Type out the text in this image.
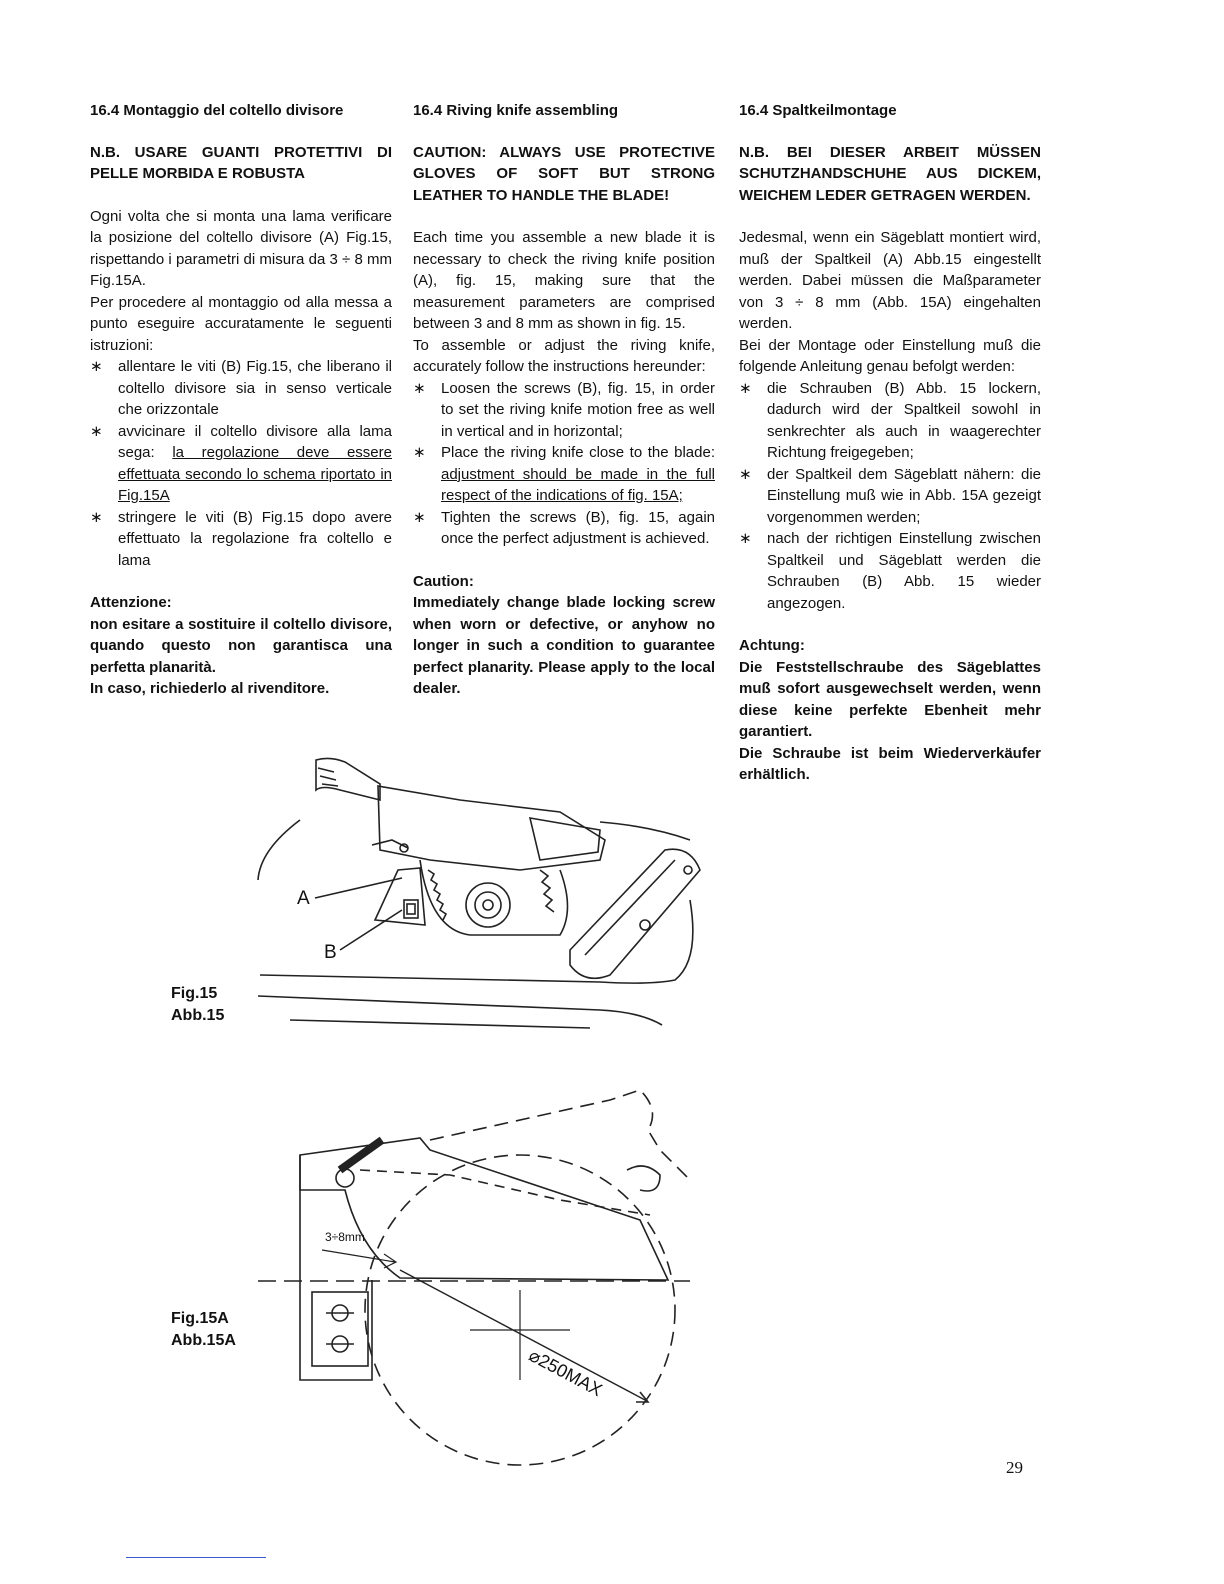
16.4 Montaggio del coltello divisore
N.B. USARE GUANTI PROTETTIVI DI PELLE MORBIDA E ROBUSTA

Ogni volta che si monta una lama verificare la posizione del coltello divisore (A) Fig.15, rispettando i parametri di misura da 3 ÷ 8 mm Fig.15A.

Per procedere al montaggio od alla messa a punto eseguire accuratamente le seguenti istruzioni:

∗ allentare le viti (B) Fig.15, che liberano il coltello divisore sia in senso verticale che orizzontale
∗ avvicinare il coltello divisore alla lama sega: la regolazione deve essere effettuata secondo lo schema riportato in Fig.15A
∗ stringere le viti (B) Fig.15 dopo avere effettuato la regolazione fra coltello e lama
Attenzione:
non esitare a sostituire il coltello divisore, quando questo non garantisca una perfetta planarità.
In caso, richiederlo al rivenditore.
16.4 Riving knife assembling
CAUTION: ALWAYS USE PROTECTIVE GLOVES OF SOFT BUT STRONG LEATHER TO HANDLE THE BLADE!

Each time you assemble a new blade it is necessary to check the riving knife position (A), fig. 15, making sure that the measurement parameters are comprised between 3 and 8 mm as shown in fig. 15.

To assemble or adjust the riving knife, accurately follow the instructions hereunder:

∗ Loosen the screws (B), fig. 15, in order to set the riving knife motion free as well in vertical and in horizontal;
∗ Place the riving knife close to the blade: adjustment should be made in the full respect of the indications of fig. 15A;
∗ Tighten the screws (B), fig. 15, again once the perfect adjustment is achieved.
Caution:
Immediately change blade locking screw when worn or defective, or anyhow no longer in such a condition to guarantee perfect planarity. Please apply to the local dealer.
16.4 Spaltkeilmontage
N.B. BEI DIESER ARBEIT MÜSSEN SCHUTZHANDSCHUHE AUS DICKEM, WEICHEM LEDER GETRAGEN WERDEN.

Jedesmal, wenn ein Sägeblatt montiert wird, muß der Spaltkeil (A) Abb.15 eingestellt werden. Dabei müssen die Maßparameter von 3 ÷ 8 mm (Abb. 15A) eingehalten werden.

Bei der Montage oder Einstellung muß die folgende Anleitung genau befolgt werden:

∗ die Schrauben (B) Abb. 15 lockern, dadurch wird der Spaltkeil sowohl in senkrechter als auch in waagerechter Richtung freigegeben;
∗ der Spaltkeil dem Sägeblatt nähern: die Einstellung muß wie in Abb. 15A gezeigt vorgenommen werden;
∗ nach der richtigen Einstellung zwischen Spaltkeil und Sägeblatt werden die Schrauben (B) Abb. 15 wieder angezogen.
Achtung:
Die Feststellschraube des Sägeblattes muß sofort ausgewechselt werden, wenn diese keine perfekte Ebenheit mehr garantiert.
Die Schraube ist beim Wiederverkäufer erhältlich.
A
B
Fig.15
Abb.15
3÷8mm
⌀250MAX
Fig.15A
Abb.15A
29
